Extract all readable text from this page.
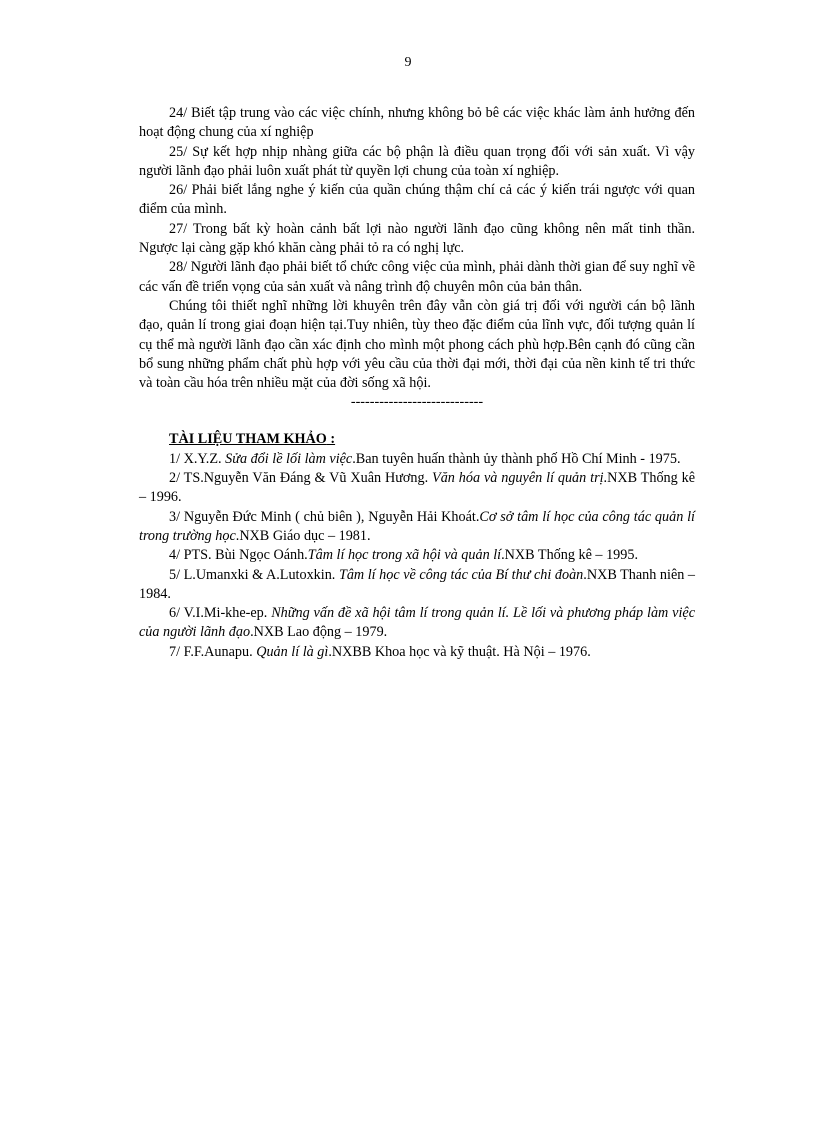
9

24/ Biết tập trung vào các việc chính, nhưng không bỏ bê các việc khác làm ảnh hưởng đến hoạt động chung của xí nghiệp

25/ Sự kết hợp nhịp nhàng giữa các bộ phận là điều quan trọng đối với sản xuất. Vì vậy người lãnh đạo phải luôn xuất phát từ quyền lợi chung của toàn xí nghiệp.

26/ Phải biết lắng nghe ý kiến của quần chúng thậm chí cả các ý kiến trái ngược với quan điểm của mình.

27/ Trong bất kỳ hoàn cảnh bất lợi nào người lãnh đạo cũng không nên mất tinh thần. Ngược lại càng gặp khó khăn càng phải tỏ ra có nghị lực.

28/ Người lãnh đạo phải biết tổ chức công việc của mình, phải dành thời gian để suy nghĩ về các vấn đề triển vọng của sản xuất và nâng trình độ chuyên môn của bản thân.

Chúng tôi thiết nghĩ những lời khuyên trên đây vẫn còn giá trị đối với người cán bộ lãnh đạo, quản lí trong giai đoạn hiện tại.Tuy nhiên, tùy theo đặc điểm của lĩnh vực, đối tượng quản lí cụ thể mà người lãnh đạo cần xác định cho mình một phong cách phù hợp.Bên cạnh đó cũng cần bổ sung những phẩm chất phù hợp với yêu cầu của thời đại mới, thời đại của nền kinh tế tri thức và toàn cầu hóa trên nhiều mặt của đời sống xã hội.

----------------------------
TÀI LIỆU THAM KHẢO :

1/ X.Y.Z. Sửa đổi lề lối làm việc.Ban tuyên huấn thành ủy thành phố Hồ Chí Minh - 1975.

2/ TS.Nguyễn Văn Đáng & Vũ Xuân Hương. Văn hóa và nguyên lí quản trị.NXB Thống kê – 1996.

3/ Nguyễn Đức Minh ( chủ biên ), Nguyễn Hải Khoát.Cơ sở tâm lí học của công tác quản lí trong trường học.NXB Giáo dục – 1981.

4/ PTS. Bùi Ngọc Oánh.Tâm lí học trong xã hội và quản lí.NXB Thống kê – 1995.

5/ L.Umanxki & A.Lutoxkin. Tâm lí học về công tác của Bí thư chi đoàn.NXB Thanh niên – 1984.

6/ V.I.Mi-khe-ep. Những vấn đề xã hội tâm lí trong quản lí. Lề lối và phương pháp làm việc của người lãnh đạo.NXB Lao động – 1979.

7/ F.F.Aunapu. Quản lí là gì.NXBB Khoa học và kỹ thuật. Hà Nội – 1976.
